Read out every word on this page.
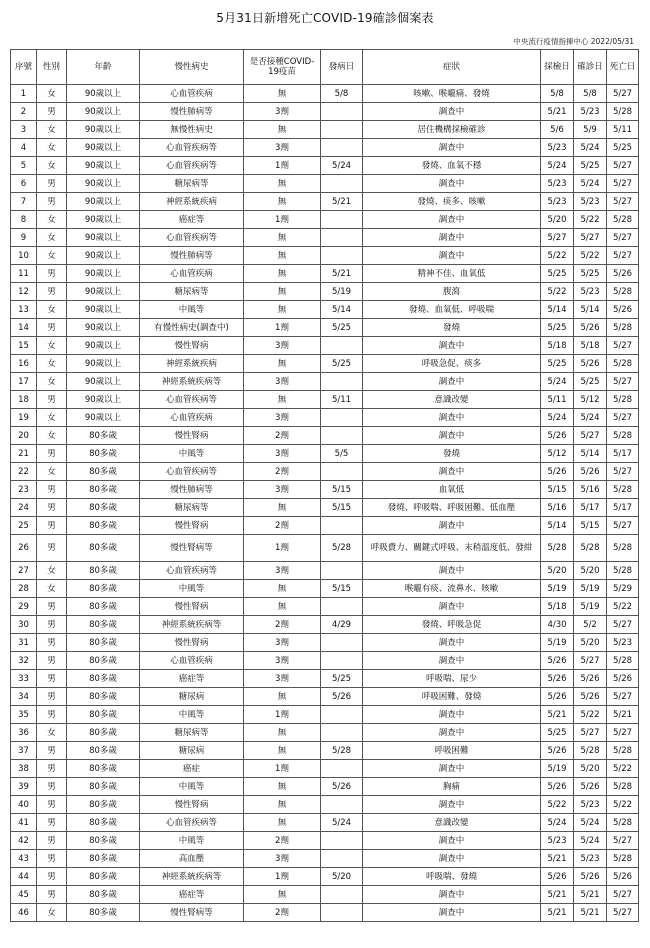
5月31日新增死亡COVID-19確診個案表
中央流行疫情指揮中心 2022/05/31
序號	性別	年齡	慢性病史	是否接種COVID-19疫苗	發病日	症狀	採檢日	確診日	死亡日
1	女	90歲以上	心血管疾病	無	5/8	咳嗽、喉嚨痛、發燒	5/8	5/8	5/27
2	男	90歲以上	慢性肺病等	3劑		調查中	5/21	5/23	5/28
3	女	90歲以上	無慢性病史	無		居住機構採檢確診	5/6	5/9	5/11
4	女	90歲以上	心血管疾病等	3劑		調查中	5/23	5/24	5/25
5	女	90歲以上	心血管疾病等	1劑	5/24	發燒、血氧不穩	5/24	5/25	5/27
6	男	90歲以上	糖尿病等	無		調查中	5/23	5/24	5/27
7	男	90歲以上	神經系統疾病	無	5/21	發燒、痰多、咳嗽	5/23	5/23	5/27
8	女	90歲以上	癌症等	1劑		調查中	5/20	5/22	5/28
9	女	90歲以上	心血管疾病等	無		調查中	5/27	5/27	5/27
10	女	90歲以上	慢性肺病等	無		調查中	5/22	5/22	5/27
11	男	90歲以上	心血管疾病	無	5/21	精神不佳、血氧低	5/25	5/25	5/26
12	男	90歲以上	糖尿病等	無	5/19	腹瀉	5/22	5/23	5/28
13	女	90歲以上	中風等	無	5/14	發燒、血氧低、呼吸喘	5/14	5/14	5/26
14	男	90歲以上	有慢性病史(調查中)	1劑	5/25	發燒	5/25	5/26	5/28
15	女	90歲以上	慢性腎病	3劑		調查中	5/18	5/18	5/27
16	女	90歲以上	神經系統疾病	無	5/25	呼吸急促、痰多	5/25	5/26	5/28
17	女	90歲以上	神經系統疾病等	3劑		調查中	5/24	5/25	5/27
18	男	90歲以上	心血管疾病等	無	5/11	意識改變	5/11	5/12	5/28
19	女	90歲以上	心血管疾病	3劑		調查中	5/24	5/24	5/27
20	女	80多歲	慢性腎病	2劑		調查中	5/26	5/27	5/28
21	男	80多歲	中風等	3劑	5/5	發燒	5/12	5/14	5/17
22	女	80多歲	心血管疾病等	2劑		調查中	5/26	5/26	5/27
23	男	80多歲	慢性肺病等	3劑	5/15	血氧低	5/15	5/16	5/28
24	男	80多歲	糖尿病等	無	5/15	發燒、呼吸喘、呼吸困難、低血壓	5/16	5/17	5/17
25	男	80多歲	慢性腎病	2劑		調查中	5/14	5/15	5/27
26	男	80多歲	慢性腎病等	1劑	5/28	呼吸費力、關鍵式呼吸、末稍溫度低、發紺	5/28	5/28	5/28
27	女	80多歲	心血管疾病等	3劑		調查中	5/20	5/20	5/28
28	女	80多歲	中風等	無	5/15	喉嚨有痰、流鼻水、咳嗽	5/19	5/19	5/29
29	男	80多歲	慢性腎病	無		調查中	5/18	5/19	5/22
30	男	80多歲	神經系統疾病等	2劑	4/29	發燒、呼吸急促	4/30	5/2	5/27
31	男	80多歲	慢性腎病	3劑		調查中	5/19	5/20	5/23
32	男	80多歲	心血管疾病	3劑		調查中	5/26	5/27	5/28
33	男	80多歲	癌症等	3劑	5/25	呼吸喘、尿少	5/26	5/26	5/26
34	男	80多歲	糖尿病	無	5/26	呼吸困難、發燒	5/26	5/26	5/27
35	男	80多歲	中風等	1劑		調查中	5/21	5/22	5/21
36	女	80多歲	糖尿病等	無		調查中	5/25	5/27	5/27
37	男	80多歲	糖尿病	無	5/28	呼吸困難	5/26	5/28	5/28
38	男	80多歲	癌症	1劑		調查中	5/19	5/20	5/22
39	男	80多歲	中風等	無	5/26	胸痛	5/26	5/26	5/28
40	男	80多歲	慢性腎病	無		調查中	5/22	5/23	5/22
41	男	80多歲	心血管疾病等	無	5/24	意識改變	5/24	5/24	5/28
42	男	80多歲	中風等	2劑		調查中	5/23	5/24	5/27
43	男	80多歲	高血壓	3劑		調查中	5/21	5/23	5/28
44	男	80多歲	神經系統疾病等	1劑	5/20	呼吸喘、發燒	5/26	5/26	5/26
45	男	80多歲	癌症等	無		調查中	5/21	5/21	5/27
46	女	80多歲	慢性腎病等	2劑		調查中	5/21	5/21	5/27
